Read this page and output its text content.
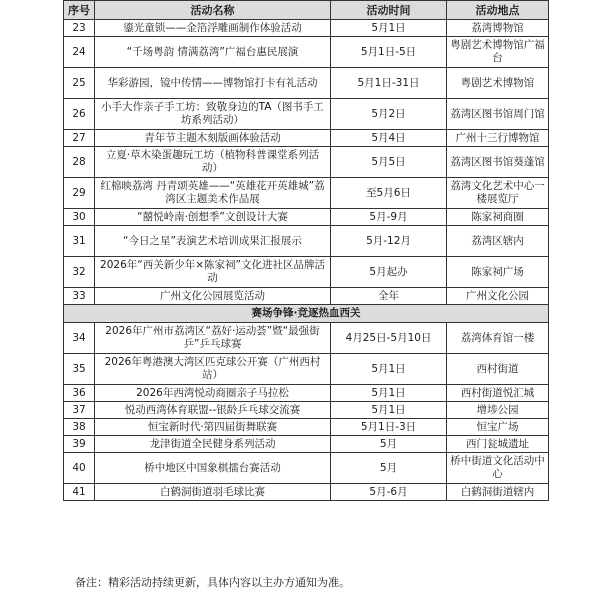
序号	活动名称	活动时间	活动地点
23	鎏光童锁——金箔浮雕画制作体验活动	5月1日	荔湾博物馆
24	“千场粤韵 情满荔湾”广福台惠民展演	5月1日-5日	粤剧艺术博物馆广福台
25	华彩游园，镜中传情——博物馆打卡有礼活动	5月1日-31日	粤剧艺术博物馆
26	小手大作亲子手工坊：致敬身边的TA（图书手工坊系列活动）	5月2日	荔湾区图书馆周门馆
27	青年节主题木刻版画体验活动	5月4日	广州十三行博物馆
28	立夏·草木染蛋趣玩工坊（植物科普课堂系列活动）	5月5日	荔湾区图书馆葵蓬馆
29	红棉映荔湾 丹青颂英雄——“英雄花开英雄城”荔湾区主题美术作品展	至5月6日	荔湾文化艺术中心一楼展览厅
30	“囍悦岭南·创想季”文创设计大赛	5月-9月	陈家祠商圈
31	“今日之星”表演艺术培训成果汇报展示	5月-12月	荔湾区辖内
32	2026年“西关新少年×陈家祠”文化进社区品牌活动	5月起办	陈家祠广场
33	广州文化公园展览活动	全年	广州文化公园
赛场争锋·竞逐热血西关			
34	2026年广州市荔湾区“荔好·运动荟”暨“最强街乒”乒乓球赛	4月25日-5月10日	荔湾体育馆一楼
35	2026年粤港澳大湾区匹克球公开赛（广州西村站）	5月1日	西村街道
36	2026年西湾悦动商圈亲子马拉松	5月1日	西村街道悦汇城
37	悦动西湾体育联盟--银龄乒乓球交流赛	5月1日	增埗公园
38	恒宝新时代·第四届街舞联赛	5月1日-3日	恒宝广场
39	龙津街道全民健身系列活动	5月	西门瓮城遗址
40	桥中地区中国象棋擂台赛活动	5月	桥中街道文化活动中心
41	白鹤洞街道羽毛球比赛	5月-6月	白鹤洞街道辖内
备注：精彩活动持续更新，具体内容以主办方通知为准。
